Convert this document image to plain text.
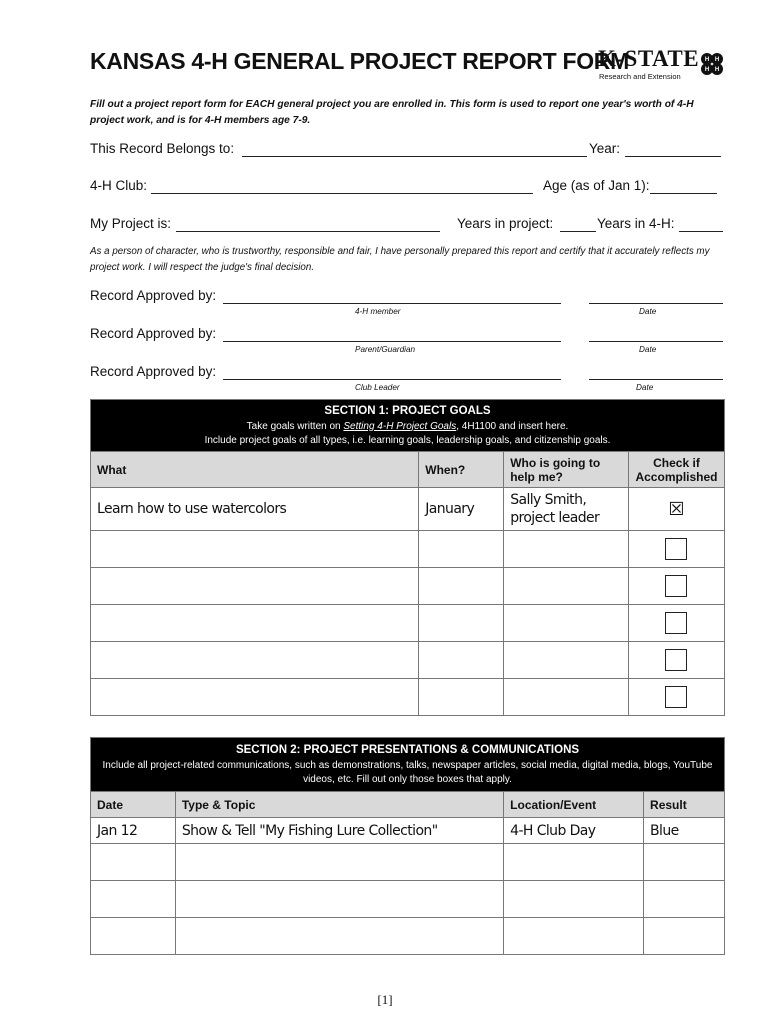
KANSAS 4-H GENERAL PROJECT REPORT FORM
K-STATE
Research and Extension
H H
H H
Fill out a project report form for EACH general project you are enrolled in. This form is used to report one year's worth of 4-H project work, and is for 4-H members age 7-9.
This Record Belongs to:	Year:
4-H Club:	Age (as of Jan 1):
My Project is:	Years in project:	Years in 4-H:
As a person of character, who is trustworthy, responsible and fair, I have personally prepared this report and certify that it accurately reflects my project work. I will respect the judge's final decision.
Record Approved by:
4-H member	Date
Record Approved by:
Parent/Guardian	Date
Record Approved by:
Club Leader	Date
SECTION 1: PROJECT GOALS
Take goals written on Setting 4-H Project Goals, 4H1100 and insert here.
Include project goals of all types, i.e. learning goals, leadership goals, and citizenship goals.			

What	When?	Who is going to help me?	Check if Accomplished
Learn how to use watercolors	January	Sally Smith, project leader	☒

SECTION 2: PROJECT PRESENTATIONS & COMMUNICATIONS
Include all project-related communications, such as demonstrations, talks, newspaper articles, social media, digital media, blogs, YouTube videos, etc. Fill out only those boxes that apply.			

Date	Type & Topic	Location/Event	Result
Jan 12	Show & Tell "My Fishing Lure Collection"	4-H Club Day	Blue

[1]
